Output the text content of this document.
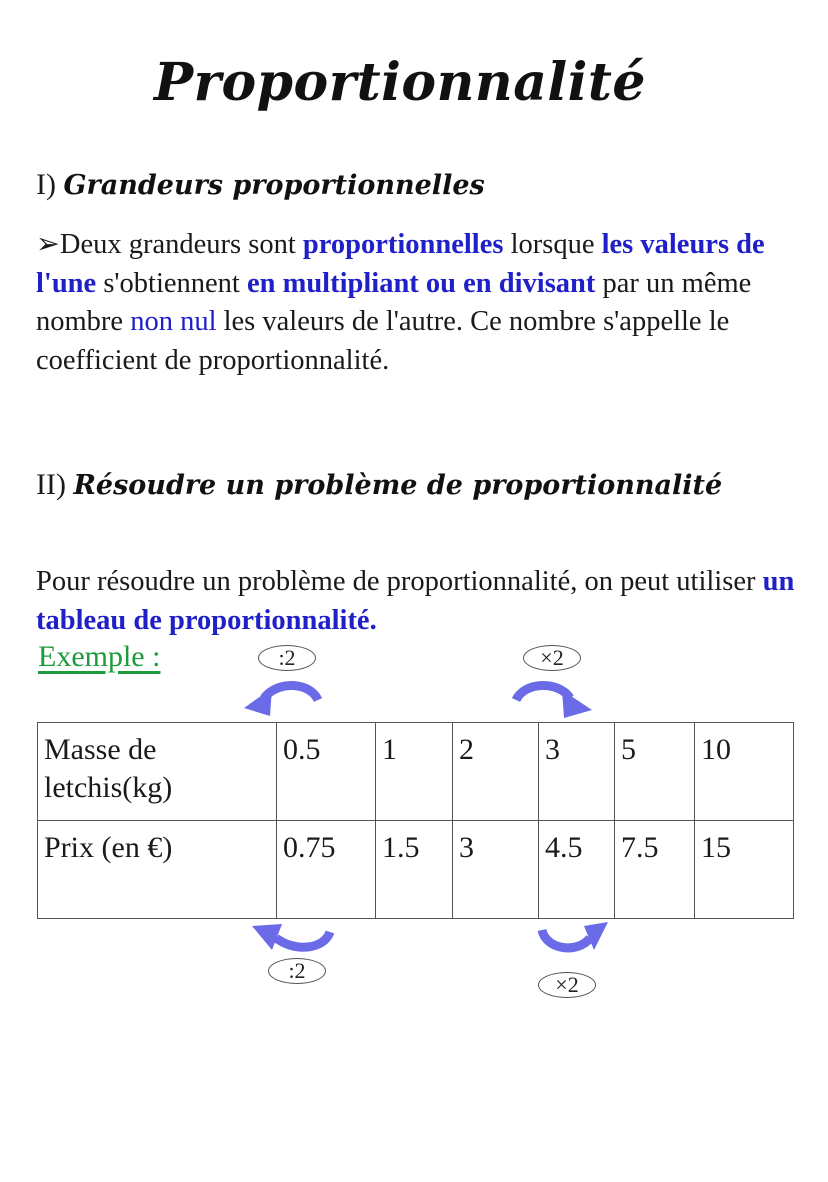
Proportionnalité
I) Grandeurs proportionnelles
➢Deux grandeurs sont proportionnelles lorsque les valeurs de l'une s'obtiennent en multipliant ou en divisant par un même nombre non nul les valeurs de l'autre. Ce nombre s'appelle le coefficient de proportionnalité.
II) Résoudre un problème de proportionnalité
Pour résoudre un problème de proportionnalité, on peut utiliser un tableau de proportionnalité.
Exemple :	:2	×2
:2
×2
Masse de letchis(kg)	0.5	1	2	3	5	10
Prix (en €)	0.75	1.5	3	4.5	7.5	15
